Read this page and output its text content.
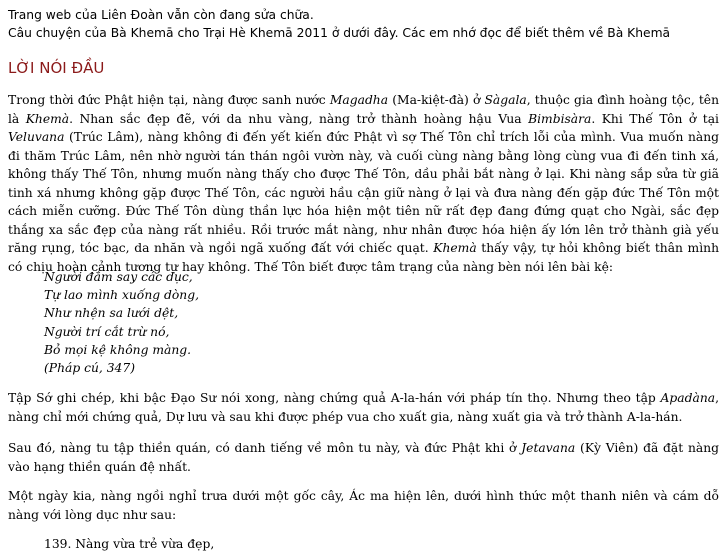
Trang web của Liên Đoàn vẫn còn đang sửa chữa.
Câu chuyện của Bà Khemā cho Trại Hè Khemā 2011 ở dưới đây. Các em nhớ đọc để biết thêm về Bà Khemā
LỜI NÓI ĐẦU

Trong thời đức Phật hiện tại, nàng được sanh nước Magadha (Ma-kiệt-đà) ở Sàgala, thuộc gia đình hoàng tộc, tên là Khemà. Nhan sắc đẹp đẽ, với da nhu vàng, nàng trở thành hoàng hậu Vua Bimbisàra. Khi Thế Tôn ở tại Veluvana (Trúc Lâm), nàng không đi đến yết kiến đức Phật vì sợ Thế Tôn chỉ trích lỗi của mình. Vua muốn nàng đi thăm Trúc Lâm, nên nhờ người tán thán ngôi vườn này, và cuối cùng nàng bằng lòng cùng vua đi đến tinh xá, không thấy Thế Tôn, nhưng muốn nàng thấy cho được Thế Tôn, dầu phải bắt nàng ở lại. Khi nàng sắp sửa từ giã tinh xá nhưng không gặp được Thế Tôn, các người hầu cận giữ nàng ở lại và đưa nàng đến gặp đức Thế Tôn một cách miễn cưỡng. Đức Thế Tôn dùng thần lực hóa hiện một tiên nữ rất đẹp đang đứng quạt cho Ngài, sắc đẹp thắng xa sắc đẹp của nàng rất nhiều. Rồi trước mắt nàng, như nhân được hóa hiện ấy lớn lên trở thành già yếu răng rụng, tóc bạc, da nhăn và ngồi ngã xuống đất với chiếc quạt. Khemà thấy vậy, tự hỏi không biết thân mình có chịu hoàn cảnh tương tự hay không. Thế Tôn biết được tâm trạng của nàng bèn nói lên bài kệ:

Người đắm say các dục,
Tự lao mình xuống dòng,
Như nhện sa lưới dệt,
Người trí cắt trừ nó,
Bỏ mọi kệ không màng.
(Pháp cú, 347)

Tập Sớ ghi chép, khi bậc Đạo Sư nói xong, nàng chứng quả A-la-hán với pháp tín thọ. Nhưng theo tập Apadàna, nàng chỉ mới chứng quả, Dự lưu và sau khi được phép vua cho xuất gia, nàng xuất gia và trở thành A-la-hán.

Sau đó, nàng tu tập thiền quán, có danh tiếng về môn tu này, và đức Phật khi ở Jetavana (Kỳ Viên) đã đặt nàng vào hạng thiền quán đệ nhất.

Một ngày kia, nàng ngồi nghỉ trưa dưới một gốc cây, Ác ma hiện lên, dưới hình thức một thanh niên và cám dỗ nàng với lòng dục như sau:

139. Nàng vừa trẻ vừa đẹp,
